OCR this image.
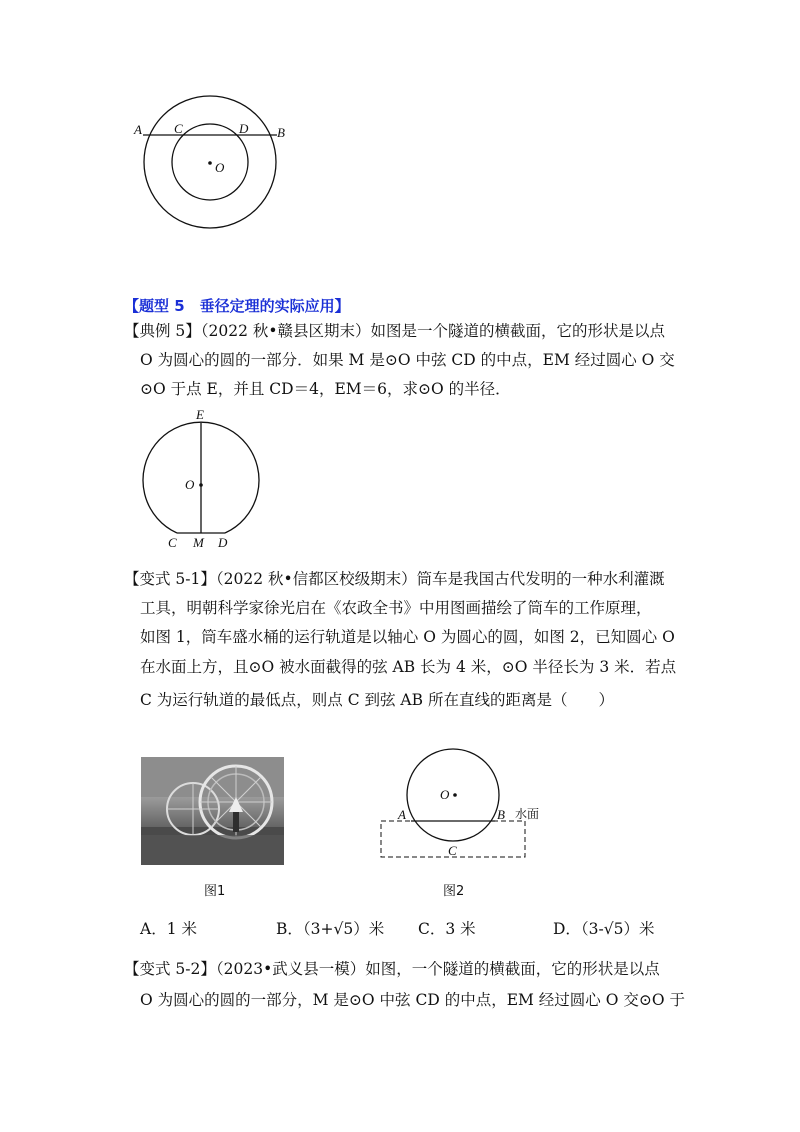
A C	D B
O
【题型 5　垂径定理的实际应用】
【典例 5】（2022 秋•赣县区期末）如图是一个隧道的横截面，它的形状是以点
O 为圆心的圆的一部分．如果 M 是⊙O 中弦 CD 的中点，EM 经过圆心 O 交
⊙O 于点 E，并且 CD＝4，EM＝6，求⊙O 的半径．
E
O
C M D
【变式 5-1】（2022 秋•信都区校级期末）筒车是我国古代发明的一种水利灌溉
工具，明朝科学家徐光启在《农政全书》中用图画描绘了筒车的工作原理，
如图 1，筒车盛水桶的运行轨道是以轴心 O 为圆心的圆，如图 2，已知圆心 O
在水面上方，且⊙O 被水面截得的弦 AB 长为 4 米，⊙O 半径长为 3 米．若点
C 为运行轨道的最低点，则点 C 到弦 AB 所在直线的距离是（　　）
图1
O
A	B
C
水面
图2
A．1 米	B．（3+√5）米 C．3 米	D．（3-√5）米
【变式 5-2】（2023•武义县一模）如图，一个隧道的横截面，它的形状是以点
O 为圆心的圆的一部分，M 是⊙O 中弦 CD 的中点，EM 经过圆心 O 交⊙O 于
